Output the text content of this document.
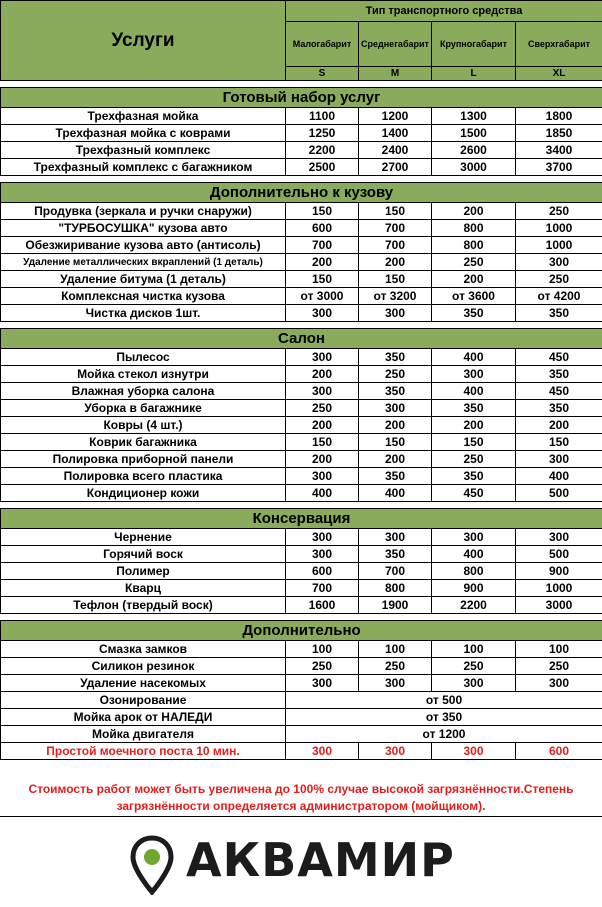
Услуги	Тип транспортного средства			
	Малогабарит	Среднегабарит	Крупногабарит	Сверхгабарит
	S	M	L	XL

Готовый набор услуг				
Трехфазная мойка	1100	1200	1300	1800
Трехфазная мойка с коврами	1250	1400	1500	1850
Трехфазный комплекс	2200	2400	2600	3400
Трехфазный комплекс с багажником	2500	2700	3000	3700

Дополнительно к кузову				
Продувка (зеркала и ручки снаружи)	150	150	200	250
"ТУРБОСУШКА" кузова авто	600	700	800	1000
Обезжиривание кузова авто (антисоль)	700	700	800	1000
Удаление металлических вкраплений (1 деталь)	200	200	250	300
Удаление битума (1 деталь)	150	150	200	250
Комплексная чистка кузова	от 3000	от 3200	от 3600	от 4200
Чистка дисков 1шт.	300	300	350	350

Салон				
Пылесос	300	350	400	450
Мойка стекол изнутри	200	250	300	350
Влажная уборка салона	300	350	400	450
Уборка в багажнике	250	300	350	350
Ковры (4 шт.)	200	200	200	200
Коврик багажника	150	150	150	150
Полировка приборной панели	200	200	250	300
Полировка всего пластика	300	350	350	400
Кондиционер кожи	400	400	450	500

Консервация				
Чернение	300	300	300	300
Горячий воск	300	350	400	500
Полимер	600	700	800	900
Кварц	700	800	900	1000
Тефлон (твердый воск)	1600	1900	2200	3000

Дополнительно				
Смазка замков	100	100	100	100
Силикон резинок	250	250	250	250
Удаление насекомых	300	300	300	300
Озонирование	от 500			
Мойка арок от НАЛЕДИ	от 350			
Мойка двигателя	от 1200			
Простой моечного поста 10 мин.	300	300	300	600
Стоимость работ может быть увеличена до 100% случае высокой загрязнённости.Степень загрязнённости определяется администратором (мойщиком).
АКВАМИР
